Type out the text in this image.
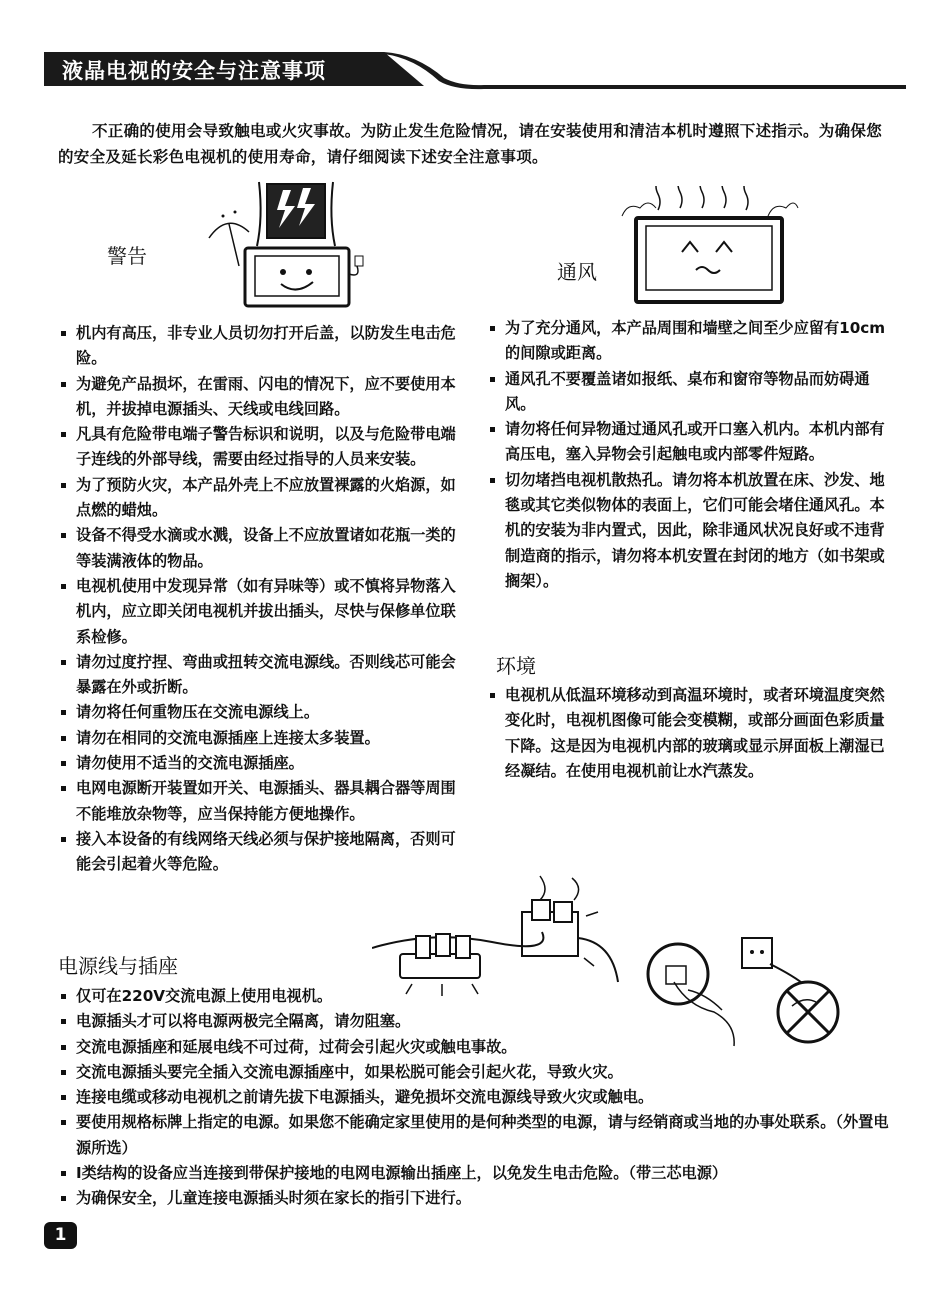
液晶电视的安全与注意事项

不正确的使用会导致触电或火灾事故。为防止发生危险情况，请在安装使用和清洁本机时遵照下述指示。为确保您的安全及延长彩色电视机的使用寿命，请仔细阅读下述安全注意事项。

警告
通风
机内有高压，非专业人员切勿打开后盖，以防发生电击危险。
为避免产品损坏，在雷雨、闪电的情况下，应不要使用本机，并拔掉电源插头、天线或电线回路。
凡具有危险带电端子警告标识和说明，以及与危险带电端子连线的外部导线，需要由经过指导的人员来安装。
为了预防火灾，本产品外壳上不应放置裸露的火焰源，如点燃的蜡烛。
设备不得受水滴或水溅，设备上不应放置诸如花瓶一类的等装满液体的物品。
电视机使用中发现异常（如有异味等）或不慎将异物落入机内，应立即关闭电视机并拔出插头，尽快与保修单位联系检修。
请勿过度拧捏、弯曲或扭转交流电源线。否则线芯可能会暴露在外或折断。
请勿将任何重物压在交流电源线上。
请勿在相同的交流电源插座上连接太多装置。
请勿使用不适当的交流电源插座。
电网电源断开装置如开关、电源插头、器具耦合器等周围不能堆放杂物等，应当保持能方便地操作。
接入本设备的有线网络天线必须与保护接地隔离，否则可能会引起着火等危险。
为了充分通风，本产品周围和墙壁之间至少应留有10cm的间隙或距离。
通风孔不要覆盖诸如报纸、桌布和窗帘等物品而妨碍通风。
请勿将任何异物通过通风孔或开口塞入机内。本机内部有高压电，塞入异物会引起触电或内部零件短路。
切勿堵挡电视机散热孔。请勿将本机放置在床、沙发、地毯或其它类似物体的表面上，它们可能会堵住通风孔。本机的安装为非内置式，因此，除非通风状况良好或不违背制造商的指示，请勿将本机安置在封闭的地方（如书架或搁架）。
环境
电视机从低温环境移动到高温环境时，或者环境温度突然变化时，电视机图像可能会变模糊，或部分画面色彩质量下降。这是因为电视机内部的玻璃或显示屏面板上潮湿已经凝结。在使用电视机前让水汽蒸发。
电源线与插座
仅可在220V交流电源上使用电视机。
电源插头才可以将电源两极完全隔离，请勿阻塞。
交流电源插座和延展电线不可过荷，过荷会引起火灾或触电事故。
交流电源插头要完全插入交流电源插座中，如果松脱可能会引起火花，导致火灾。
连接电缆或移动电视机之前请先拔下电源插头，避免损坏交流电源线导致火灾或触电。
要使用规格标牌上指定的电源。如果您不能确定家里使用的是何种类型的电源，请与经销商或当地的办事处联系。（外置电源所选）
Ⅰ类结构的设备应当连接到带保护接地的电网电源输出插座上，以免发生电击危险。（带三芯电源）
为确保安全，儿童连接电源插头时须在家长的指引下进行。
1
